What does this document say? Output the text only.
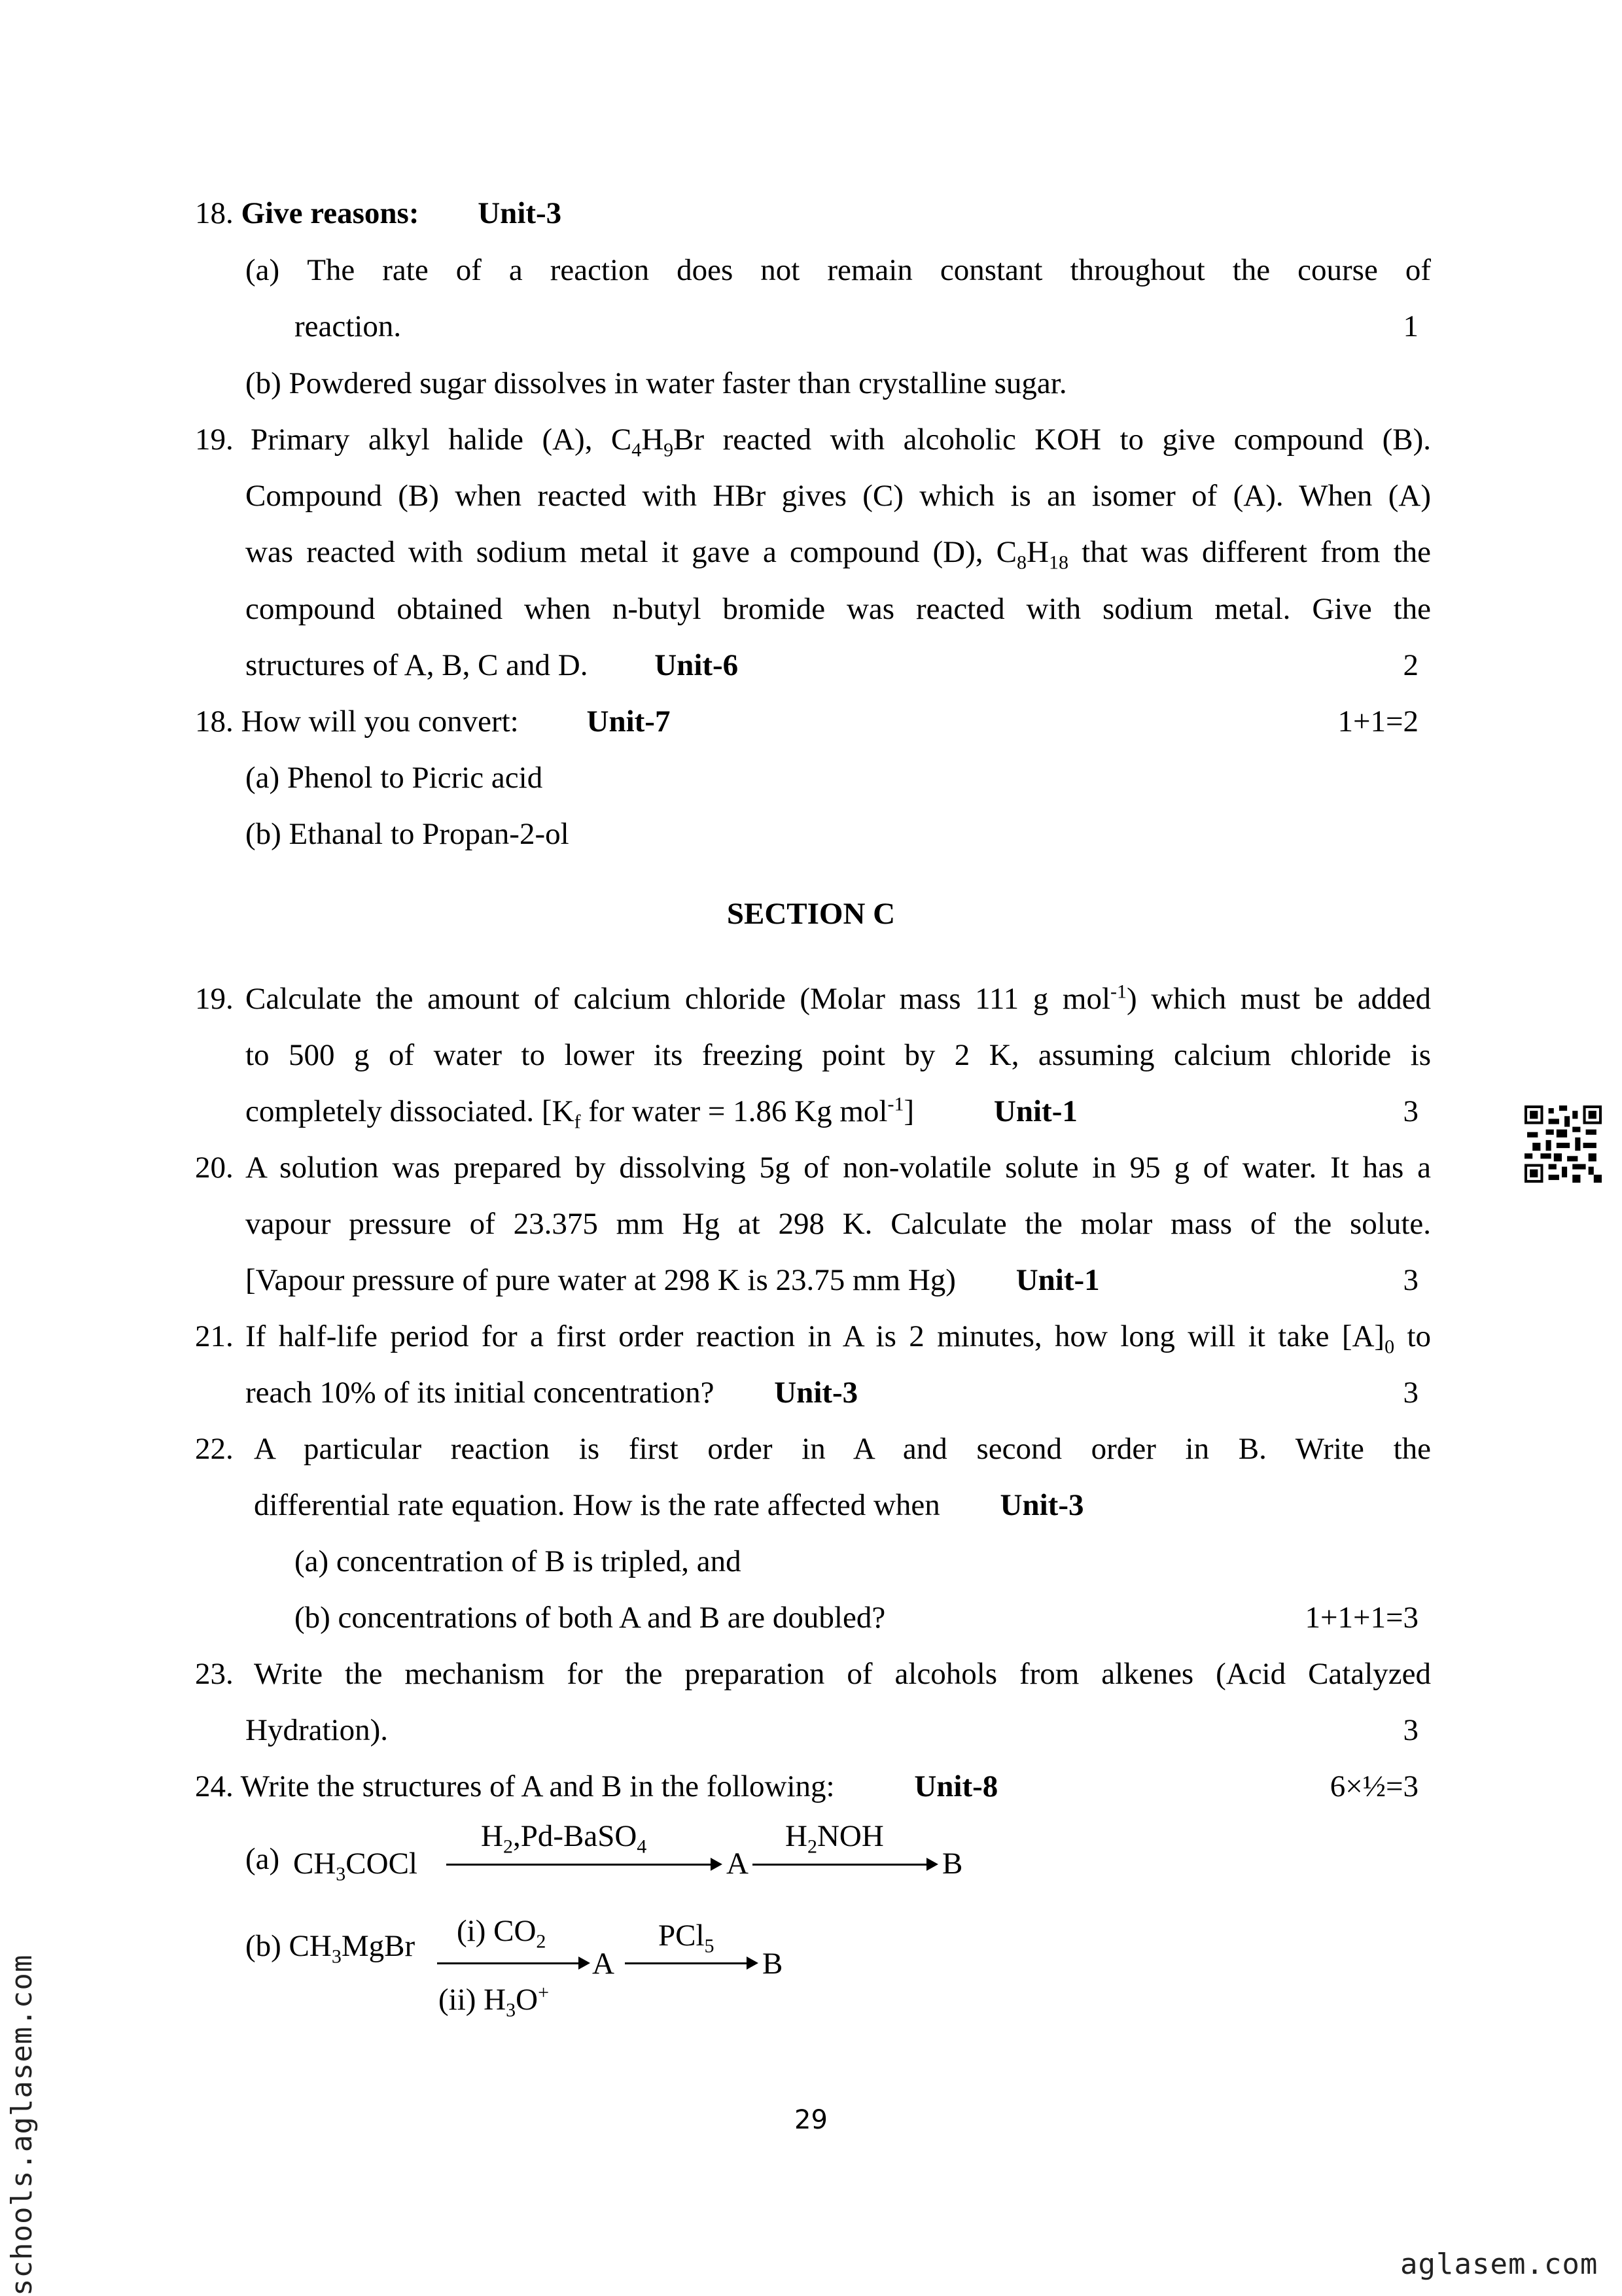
18. Give reasons: Unit-3
(a) The rate of a reaction does not remain constant throughout the course of
reaction.	1
(b) Powdered sugar dissolves in water faster than crystalline sugar.
19. Primary alkyl halide (A), $C_4H_9Br$ reacted with alcoholic KOH to give compound (B).
Compound (B) when reacted with HBr gives (C) which is an isomer of (A). When (A)
was reacted with sodium metal it gave a compound (D), $C_8H_{18}$ that was different from the
compound obtained when n-butyl bromide was reacted with sodium metal. Give the
structures of A, B, C and D. Unit-6	2
18. How will you convert: Unit-7	1+1=2
(a) Phenol to Picric acid
(b) Ethanal to Propan-2-ol
SECTION C
19. Calculate the amount of calcium chloride (Molar mass 111 g mol$^{-1}$) which must be added
to 500 g of water to lower its freezing point by 2 K, assuming calcium chloride is
completely dissociated. [$K_f$ for water = 1.86 Kg mol$^{-1}$]	Unit-1	3
20. A solution was prepared by dissolving 5g of non-volatile solute in 95 g of water. It has a
vapour pressure of 23.375 mm Hg at 298 K. Calculate the molar mass of the solute.
[Vapour pressure of pure water at 298 K is 23.75 mm Hg) Unit-1	3
21. If half-life period for a first order reaction in A is 2 minutes, how long will it take $[A]_0$ to
reach 10% of its initial concentration? Unit-3	3
22. A particular reaction is first order in A and second order in B. Write the
differential rate equation. How is the rate affected when Unit-3
(a) concentration of B is tripled, and
(b) concentrations of both A and B are doubled?	1+1+1=3
23. Write the mechanism for the preparation of alcohols from alkenes (Acid Catalyzed
Hydration).	3
24. Write the structures of A and B in the following:	Unit-8	6×½=3
(a) $CH_3COCl$
$H_2,Pd-BaSO_4$
A
$H_2NOH$
B
(b) $CH_3MgBr$ (i) $CO_2$
(ii) $H_3O^+$
A
PCl$_5$
B
29
schools.aglasem.com	aglasem.com
